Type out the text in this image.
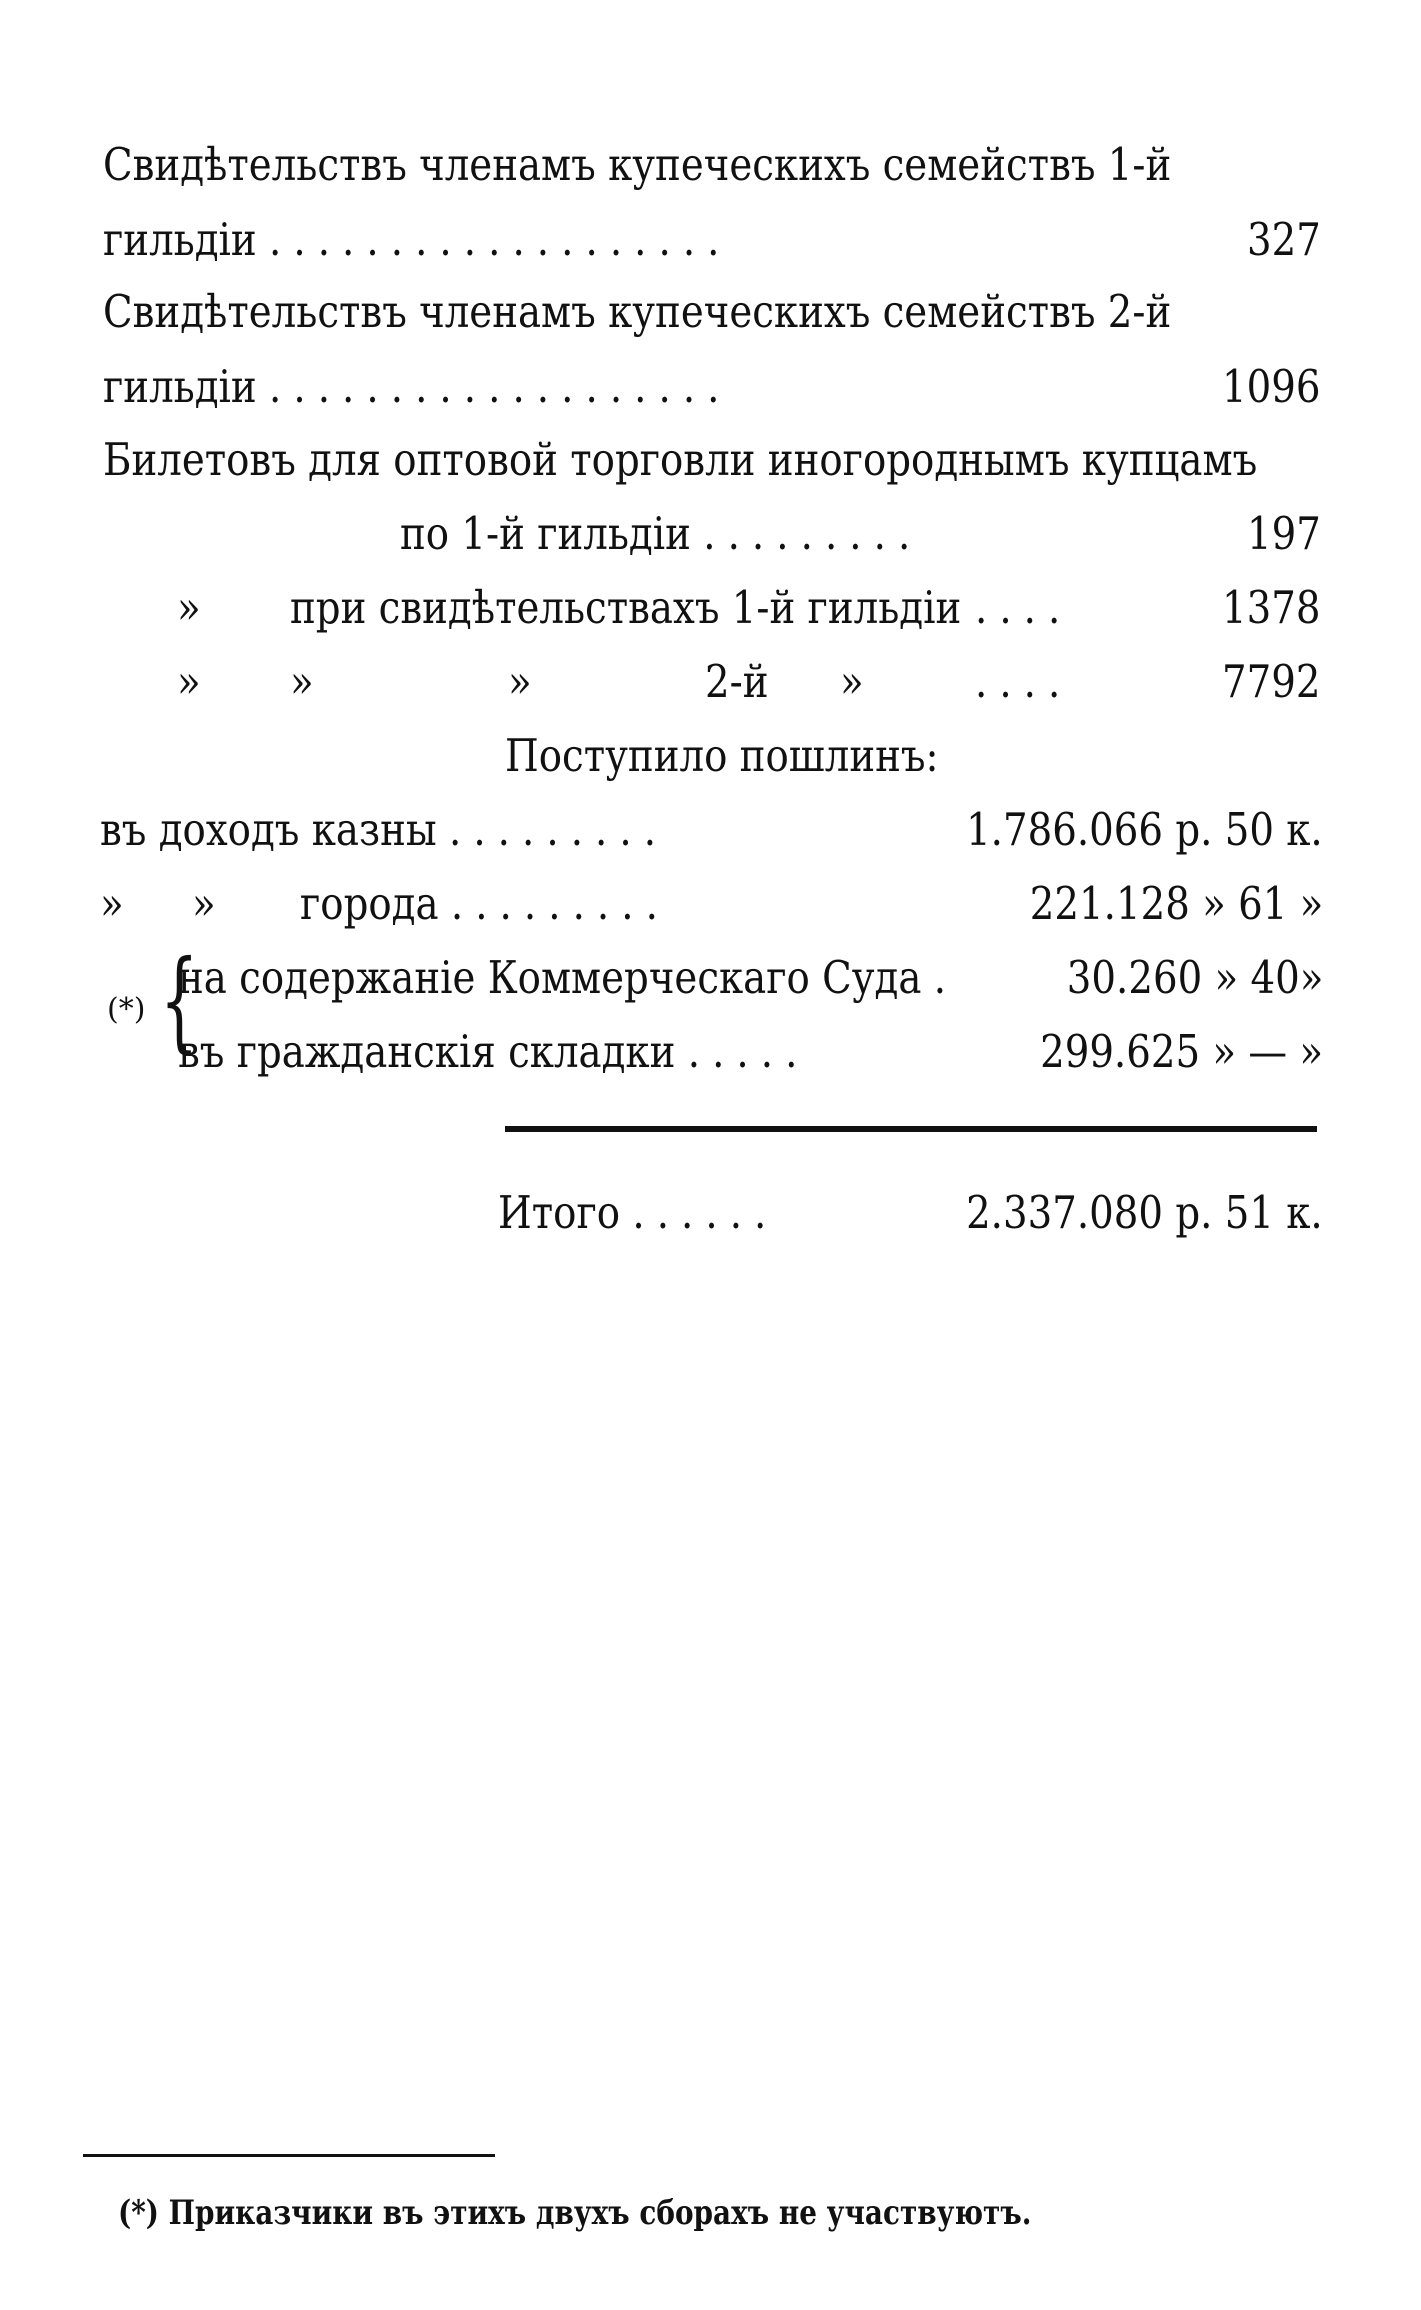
Свидѣтельствъ членамъ купеческихъ семействъ 1-й
гильдіи ...................	327
Свидѣтельствъ членамъ купеческихъ семействъ 2-й
гильдіи ...................	1096
Билетовъ для оптовой торговли иногороднымъ купцамъ
по 1-й гильдіи .........	197
» при свидѣтельствахъ 1-й гильдіи ....	1378
» »	»	2-й » ....	7792
Поступило пошлинъ:
въ доходъ казны .........	1.786.066 р. 50 к.
» » города .........	221.128 » 61 »
(*) {
на содержаніе Коммерческаго Суда . 30.260 » 40»
въ гражданскія складки .....	299.625 » — »
Итого ......	2.337.080 р. 51 к.
(*) Приказчики въ этихъ двухъ сборахъ не участвуютъ.
